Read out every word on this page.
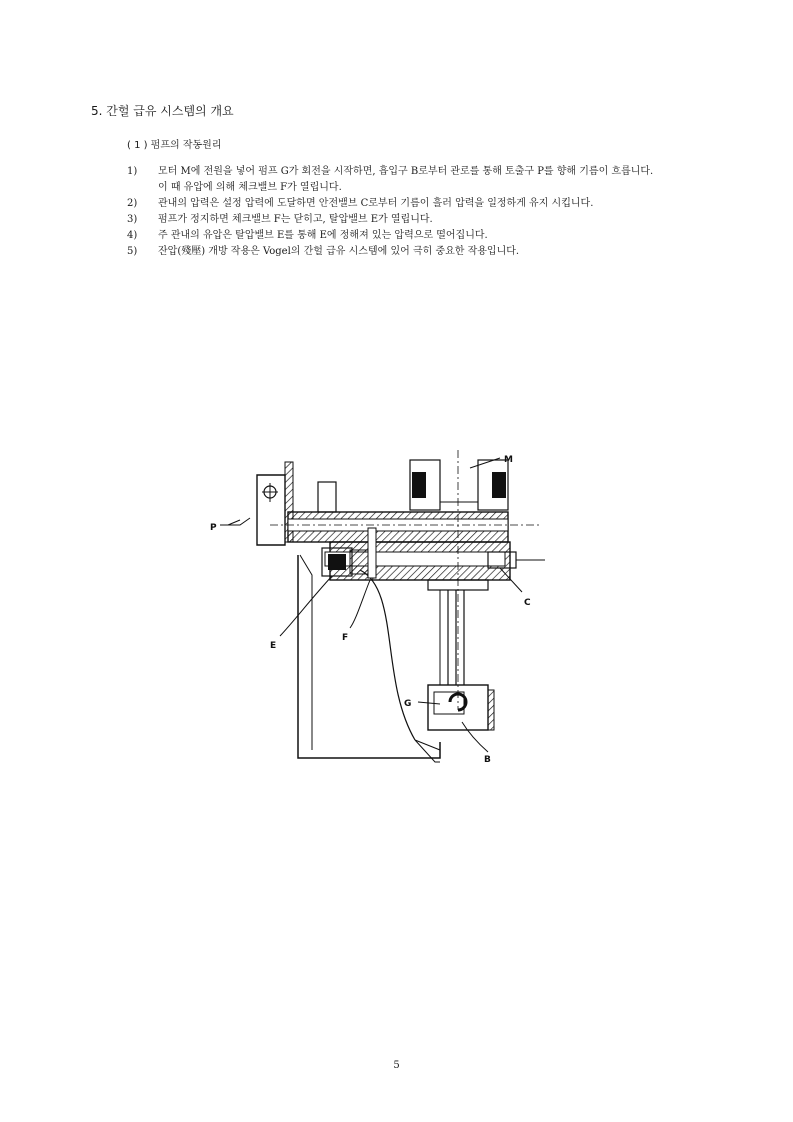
5. 간헐 급유 시스템의 개요
( 1 ) 펌프의 작동원리
1)	모터 M에 전원을 넣어 펌프 G가 회전을 시작하면, 흡입구 B로부터 관로를 통해 토출구 P를 향해 기름이 흐릅니다.
이 때 유압에 의해 체크밸브 F가 열립니다.
2)	관내의 압력은 설정 압력에 도달하면 안전밸브 C로부터 기름이 흘러 압력을 일정하게 유지 시킵니다.
3)	펌프가 정지하면 체크밸브 F는 닫히고, 탈압밸브 E가 열립니다.
4)	주 관내의 유압은 탈압밸브 E를 통해 E에 정해져 있는 압력으로 떨어집니다.
5)	잔압(殘壓) 개방 작용은 Vogel의 간헐 급유 시스템에 있어 극히 중요한 작용입니다.
M
P
C
E
F
G
B
5
